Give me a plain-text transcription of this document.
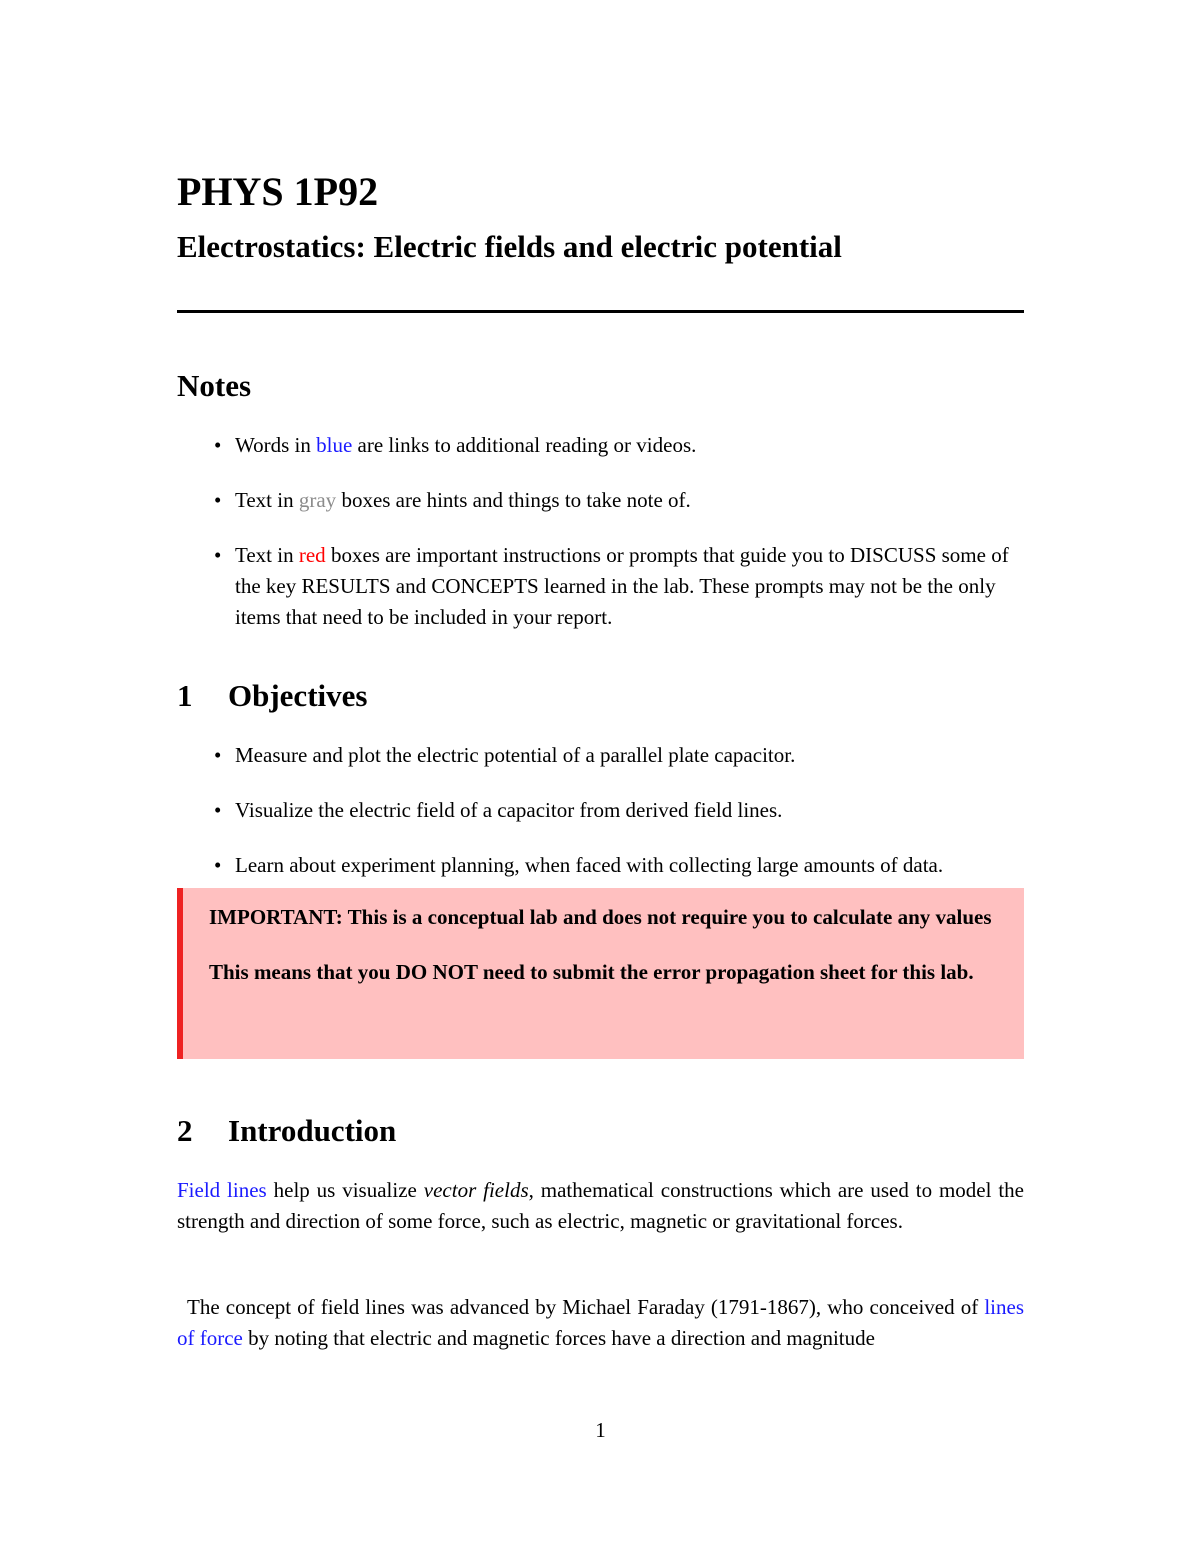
PHYS 1P92
Electrostatics: Electric fields and electric potential
Notes
• Words in blue are links to additional reading or videos.
• Text in gray boxes are hints and things to take note of.
• Text in red boxes are important instructions or prompts that guide you to DISCUSS some of the key RESULTS and CONCEPTS learned in the lab. These prompts may not be the only items that need to be included in your report.
1 Objectives
• Measure and plot the electric potential of a parallel plate capacitor.
• Visualize the electric field of a capacitor from derived field lines.
• Learn about experiment planning, when faced with collecting large amounts of data.

IMPORTANT: This is a conceptual lab and does not require you to calculate any values

This means that you DO NOT need to submit the error propagation sheet for this lab.

2 Introduction

Field lines help us visualize vector fields, mathematical constructions which are used to model the strength and direction of some force, such as electric, magnetic or gravitational forces.

The concept of field lines was advanced by Michael Faraday (1791-1867), who conceived of lines of force by noting that electric and magnetic forces have a direction and magnitude

1
